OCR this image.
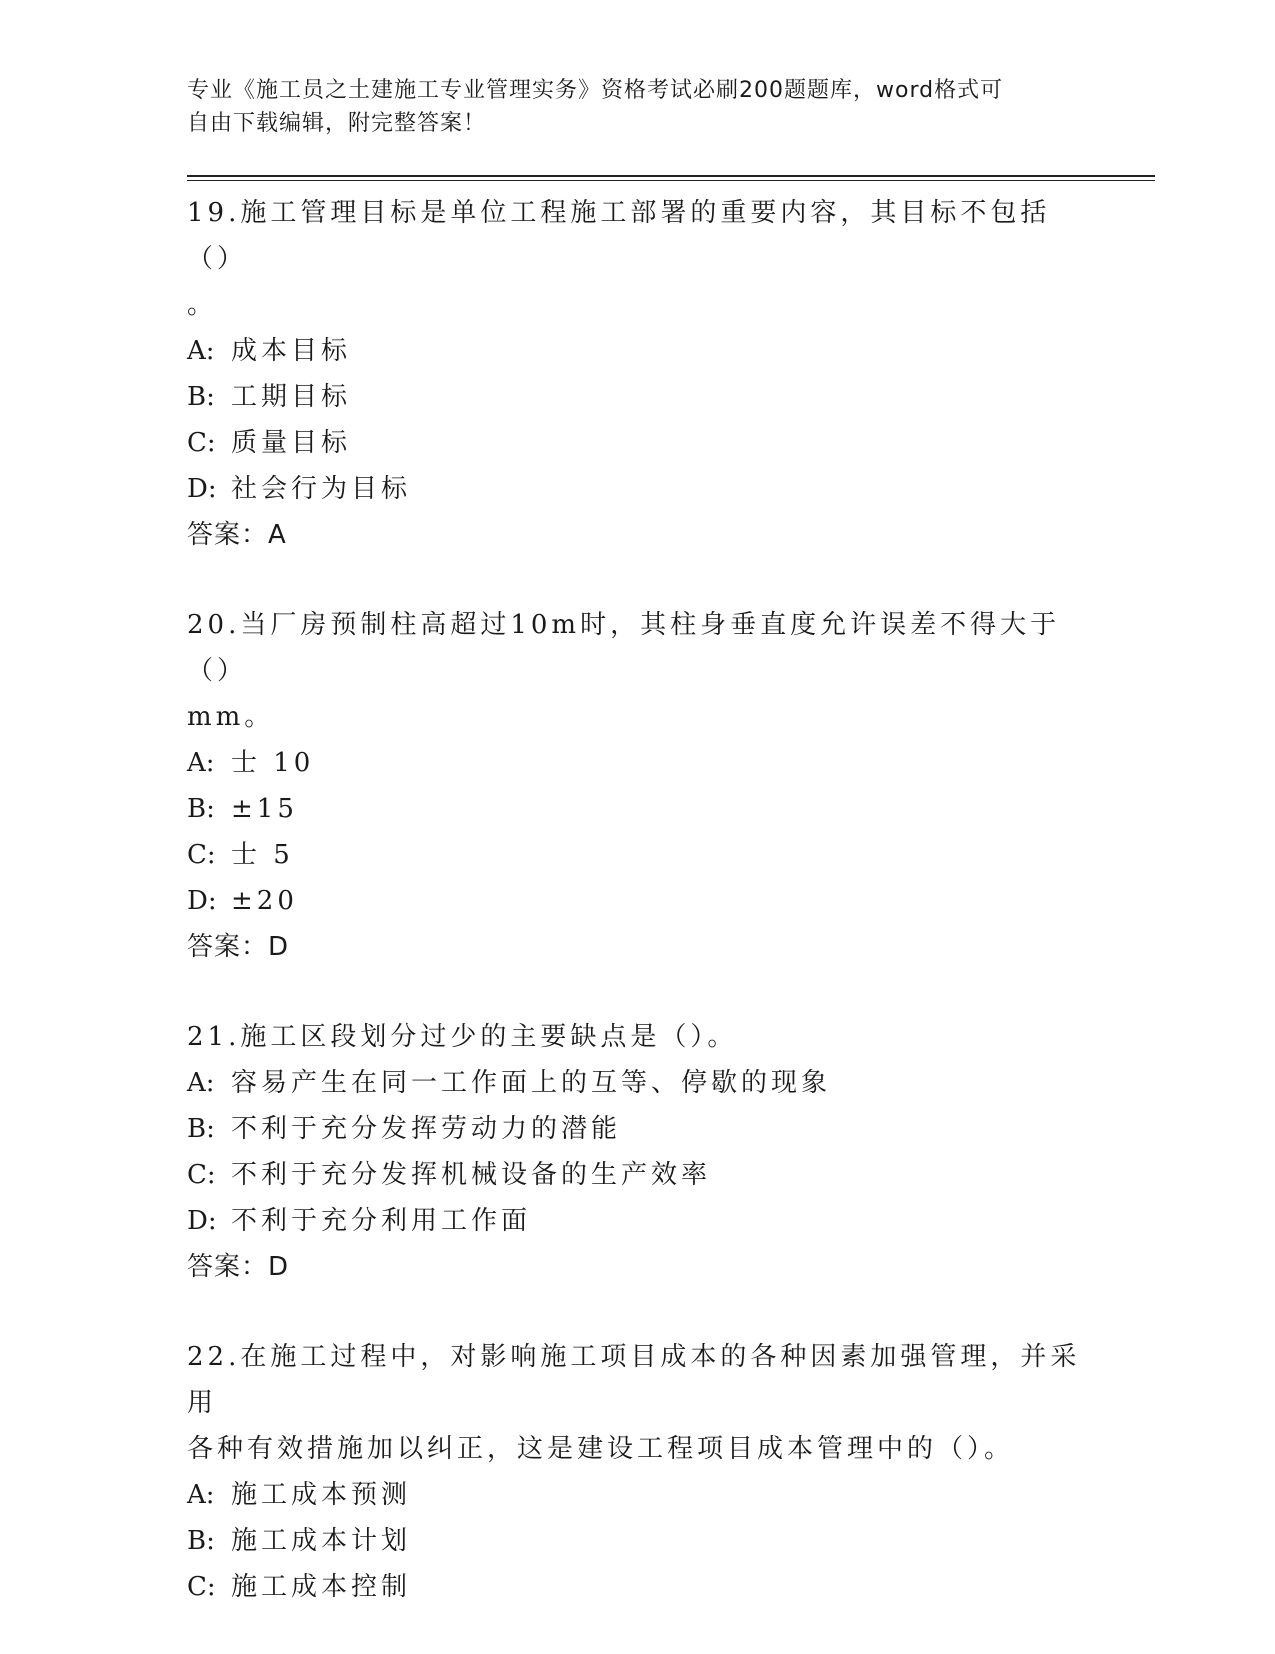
专业《施工员之土建施工专业管理实务》资格考试必刷200题题库，word格式可
自由下载编辑，附完整答案！

19.施工管理目标是单位工程施工部署的重要内容，其目标不包括（）

。

A: 成本目标

B: 工期目标

C: 质量目标

D: 社会行为目标

答案：A

20.当厂房预制柱高超过10m时，其柱身垂直度允许误差不得大于（）

mm。

A: 士 10

B: ±15

C: 士 5

D: ±20

答案：D

21.施工区段划分过少的主要缺点是（）。

A: 容易产生在同一工作面上的互等、停歇的现象

B: 不利于充分发挥劳动力的潜能

C: 不利于充分发挥机械设备的生产效率

D: 不利于充分利用工作面

答案：D

22.在施工过程中，对影响施工项目成本的各种因素加强管理，并采用

各种有效措施加以纠正，这是建设工程项目成本管理中的（）。

A: 施工成本预测

B: 施工成本计划

C: 施工成本控制
